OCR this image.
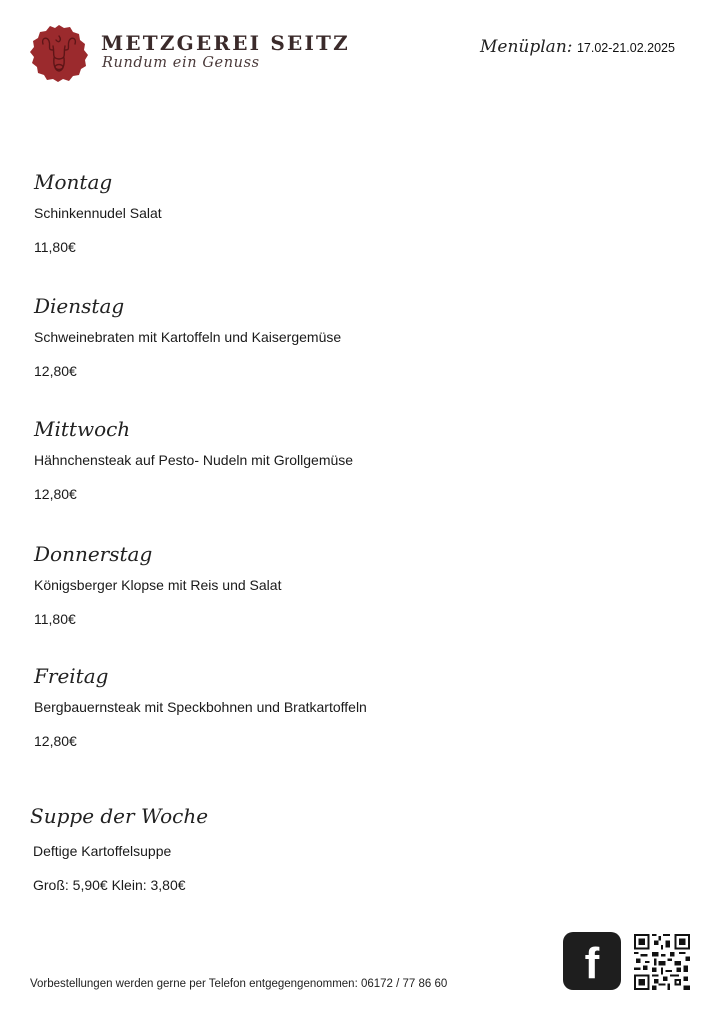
METZGEREI SEITZ
Rundum ein Genuss
Menüplan: 17.02-21.02.2025
Montag
Schinkennudel Salat
11,80€
Dienstag
Schweinebraten mit Kartoffeln und Kaisergemüse
12,80€
Mittwoch
Hähnchensteak auf Pesto- Nudeln mit Grollgemüse
12,80€
Donnerstag
Königsberger Klopse mit Reis und Salat
11,80€
Freitag
Bergbauernsteak mit Speckbohnen und Bratkartoffeln
12,80€
Suppe der Woche
Deftige Kartoffelsuppe
Groß: 5,90€ Klein: 3,80€
Vorbestellungen werden gerne per Telefon entgegengenommen: 06172 / 77 86 60	f
